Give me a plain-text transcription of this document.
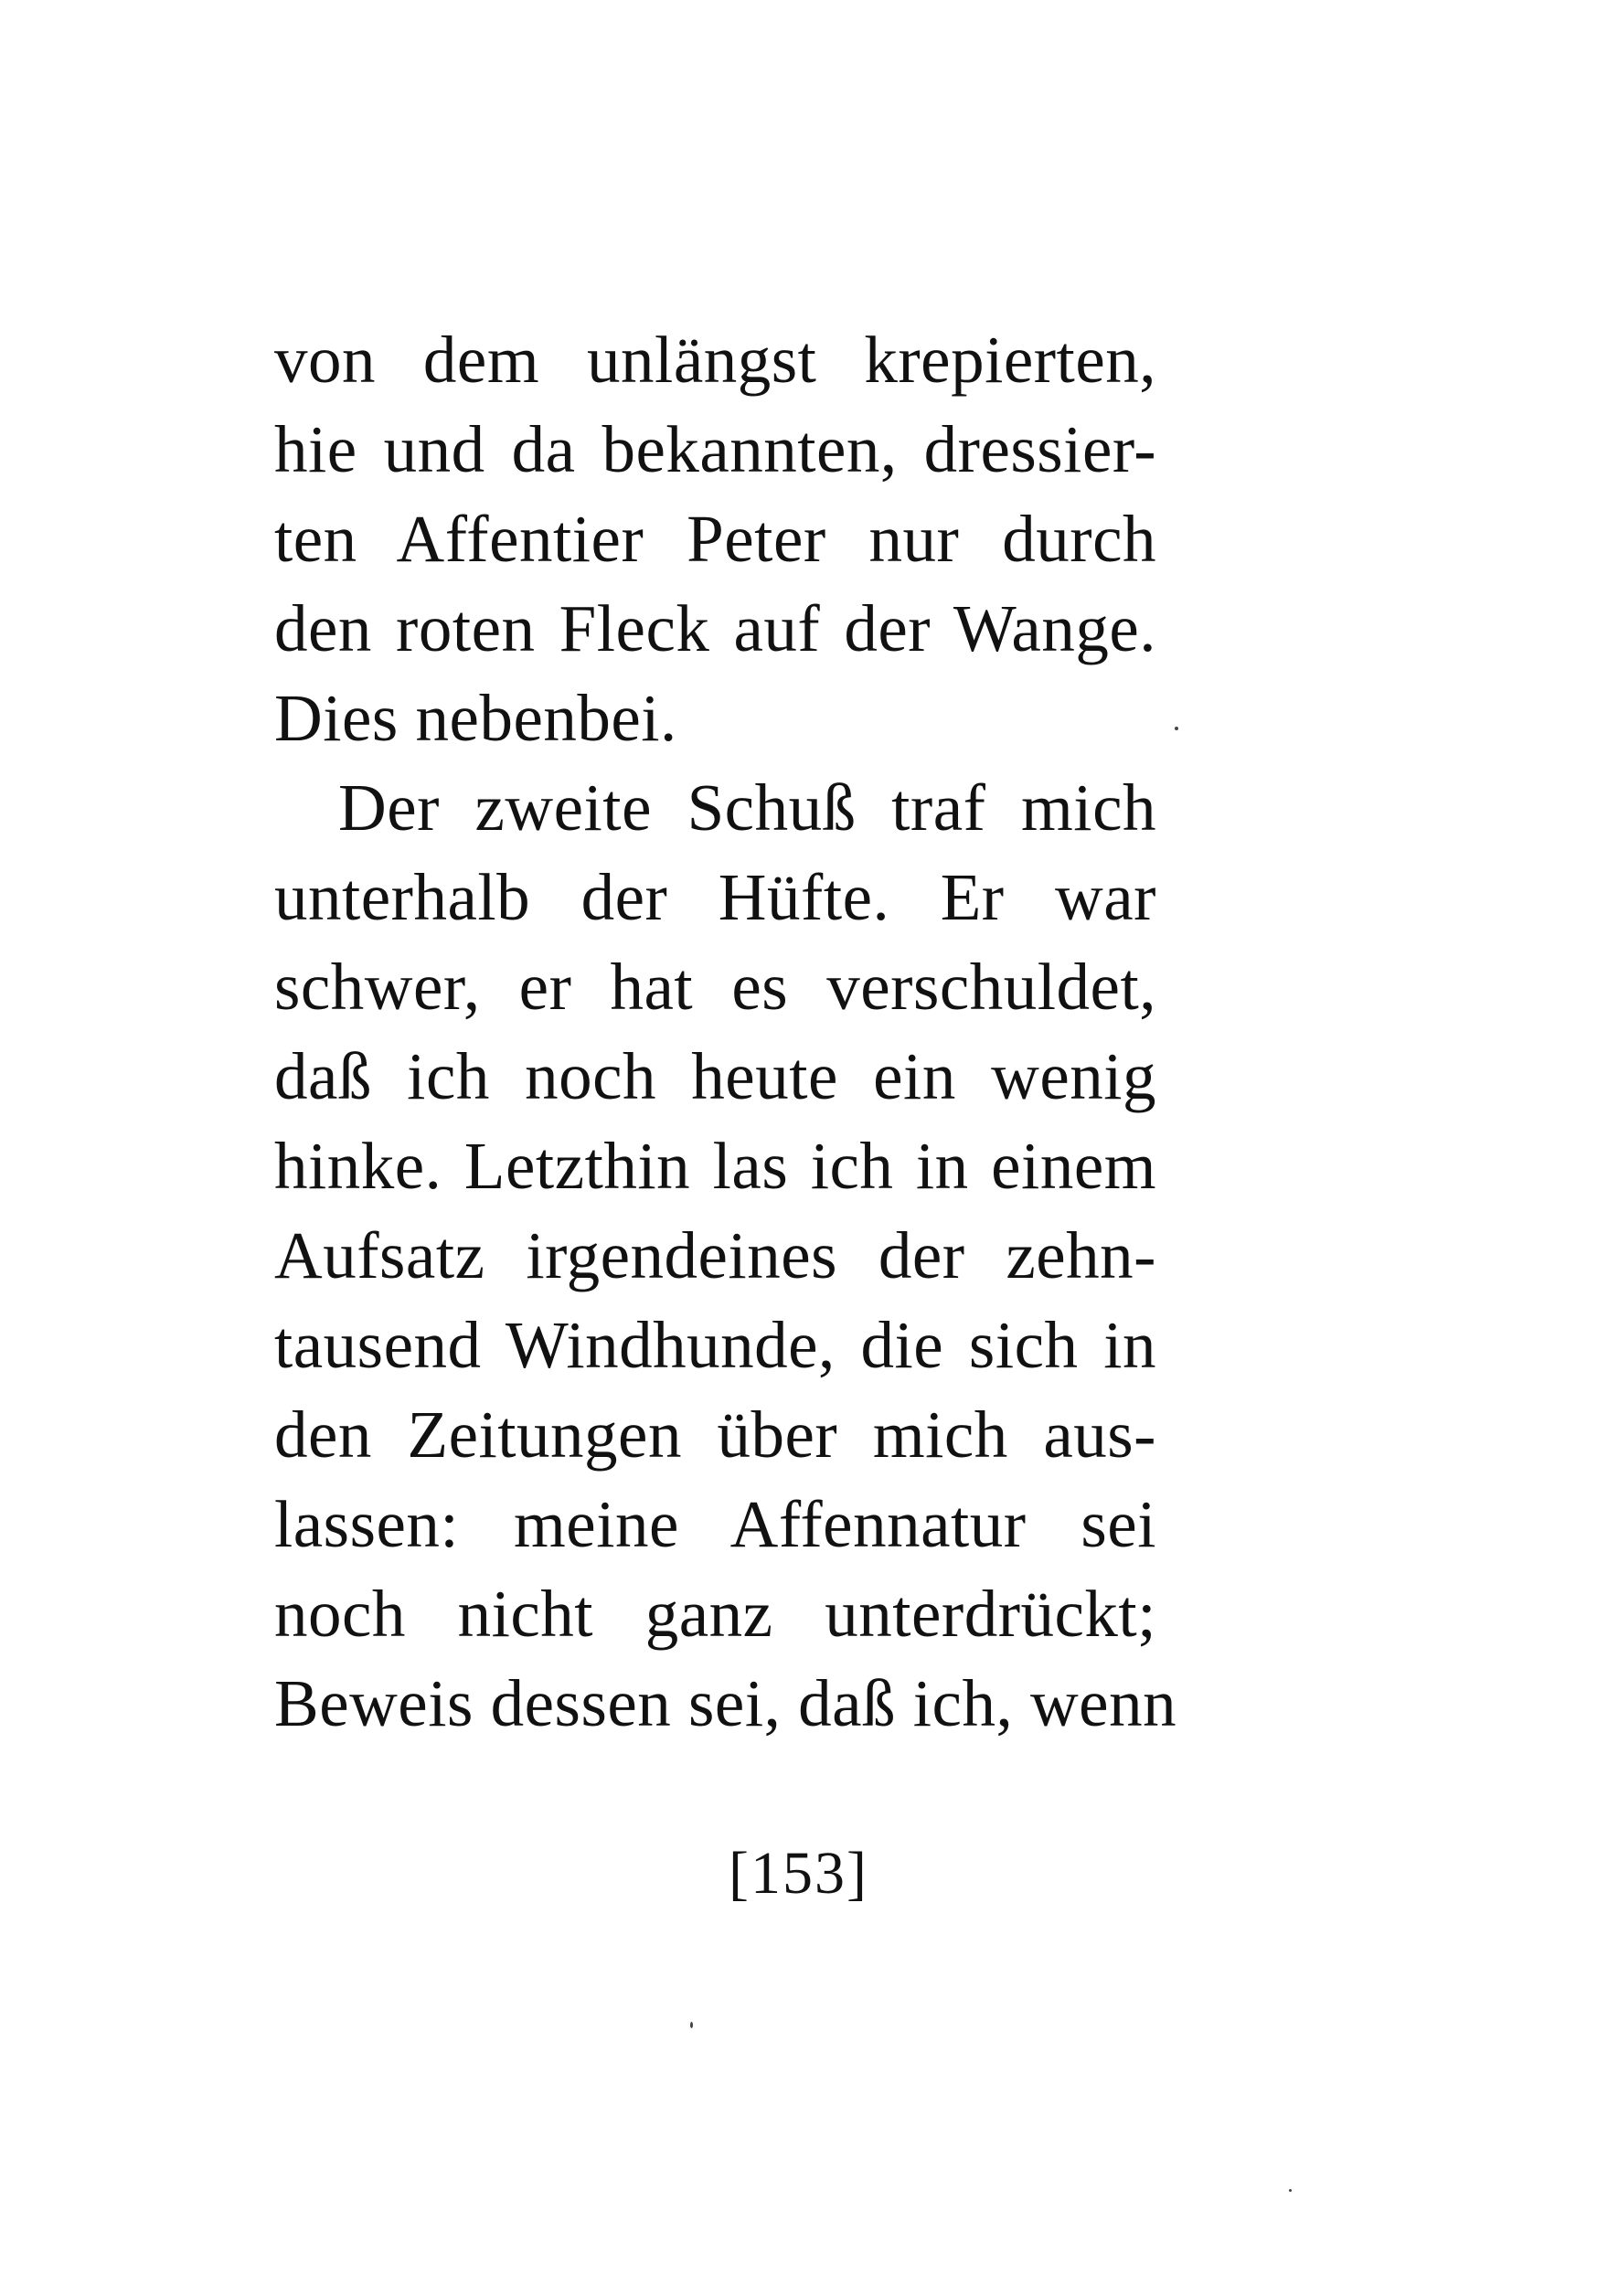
von dem unlängst krepierten,
hie und da bekannten, dressier-
ten Affentier Peter nur durch
den roten Fleck auf der Wange.
Dies nebenbei.
Der zweite Schuß traf mich
unterhalb der Hüfte. Er war
schwer, er hat es verschuldet,
daß ich noch heute ein wenig
hinke. Letzthin las ich in einem
Aufsatz irgendeines der zehn-
tausend Windhunde, die sich in
den Zeitungen über mich aus-
lassen: meine Affennatur sei
noch nicht ganz unterdrückt;
Beweis dessen sei, daß ich, wenn
[153]
